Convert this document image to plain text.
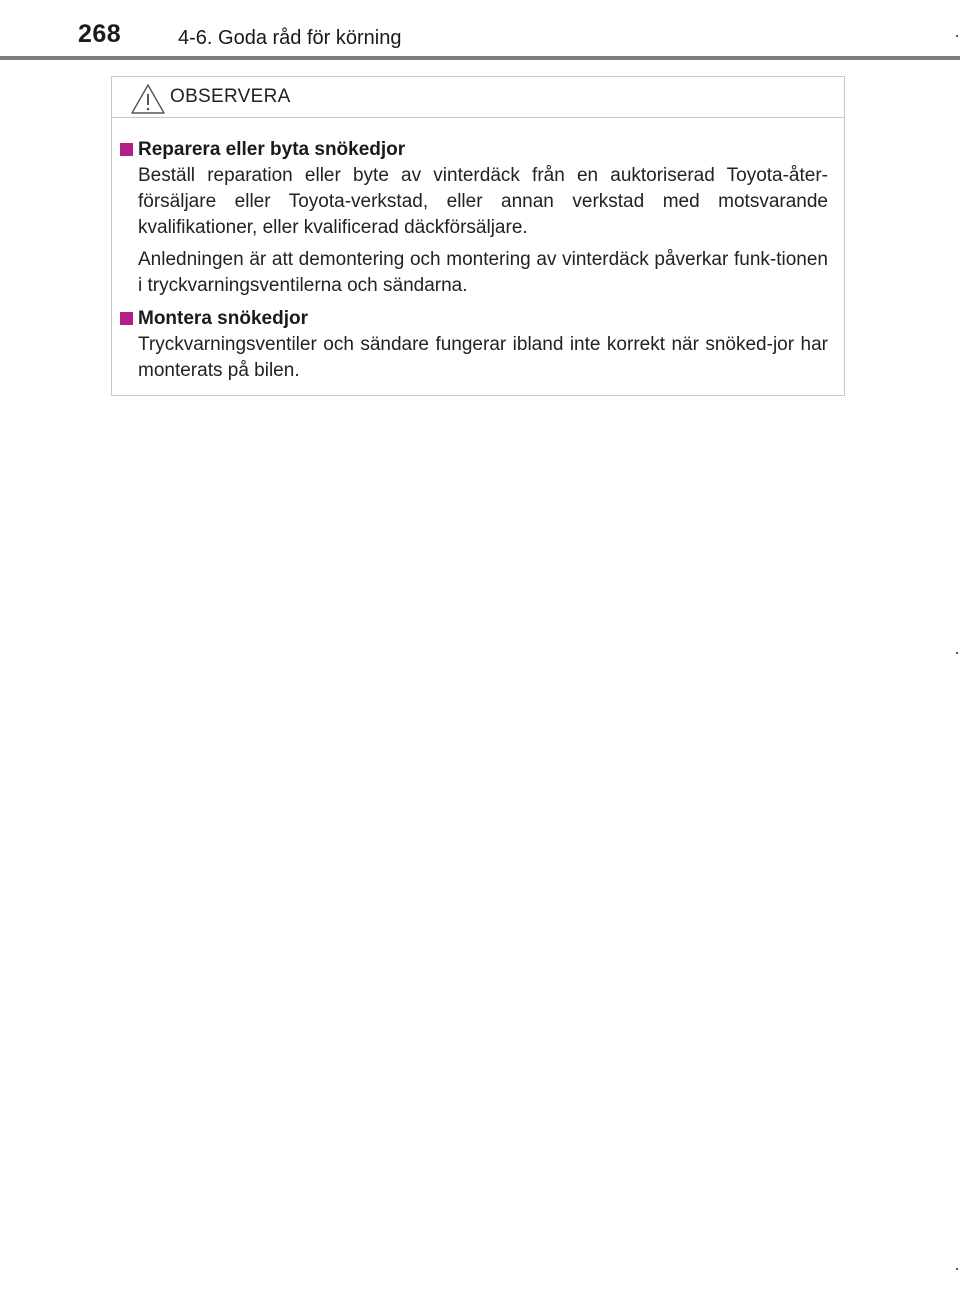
268	4-6. Goda råd för körning
OBSERVERA
Reparera eller byta snökedjor

Beställ reparation eller byte av vinterdäck från en auktoriserad Toyota-åter-försäljare eller Toyota-verkstad, eller annan verkstad med motsvarande kvalifikationer, eller kvalificerad däckförsäljare.

Anledningen är att demontering och montering av vinterdäck påverkar funk-tionen i tryckvarningsventilerna och sändarna.

Montera snökedjor

Tryckvarningsventiler och sändare fungerar ibland inte korrekt när snöked-jor har monterats på bilen.
